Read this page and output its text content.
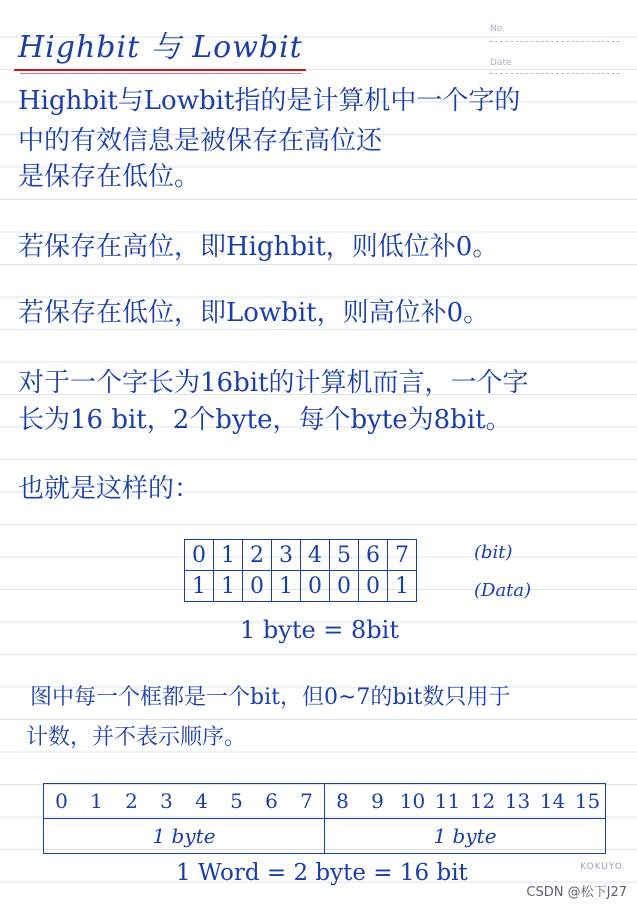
No.
Date
Highbit 与 Lowbit
Highbit与Lowbit指的是计算机中一个字的
中的有效信息是被保存在高位还
是保存在低位。
若保存在高位，即Highbit，则低位补0。
若保存在低位，即Lowbit，则高位补0。
对于一个字长为16bit的计算机而言，一个字
长为16 bit，2个byte，每个byte为8bit。
也就是这样的：
0	1	2	3	4	5	6	7
1	1	0	1	0	0	0	1
(bit)
(Data)
1 byte = 8bit
图中每一个框都是一个bit，但0~7的bit数只用于
计数，并不表示顺序。
0	1	2	3	4	5	6	7	8	9	10	11	12	13	14	15
1 byte								1 byte							
1 Word = 2 byte = 16 bit	KOKUYO
CSDN @松下J27
